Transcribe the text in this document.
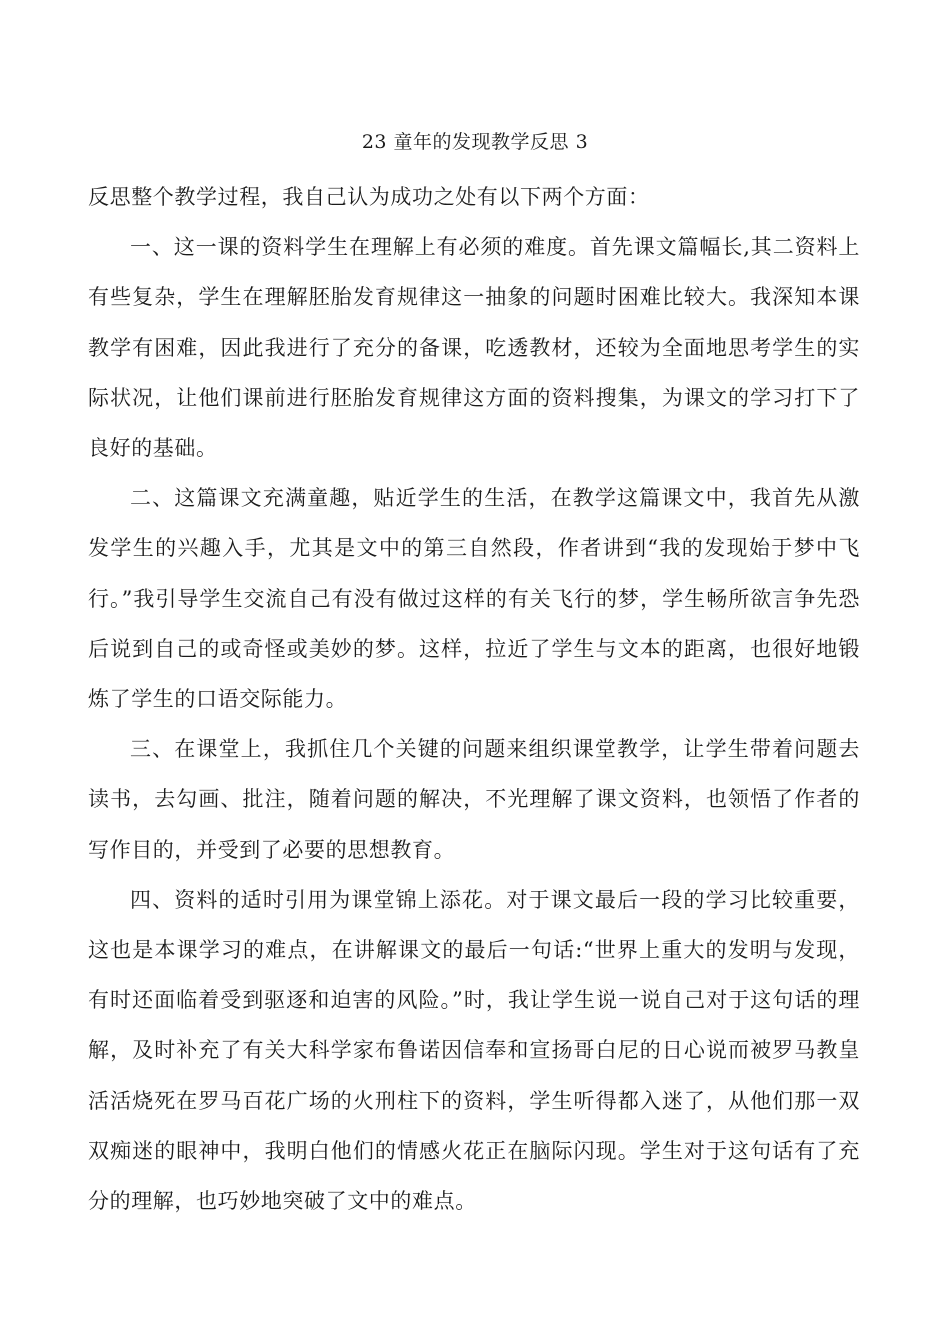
23 童年的发现教学反思 3

反思整个教学过程，我自己认为成功之处有以下两个方面：

一、这一课的资料学生在理解上有必须的难度。首先课文篇幅长,其二资料上有些复杂，学生在理解胚胎发育规律这一抽象的问题时困难比较大。我深知本课教学有困难，因此我进行了充分的备课，吃透教材，还较为全面地思考学生的实际状况，让他们课前进行胚胎发育规律这方面的资料搜集，为课文的学习打下了良好的基础。

二、这篇课文充满童趣，贴近学生的生活，在教学这篇课文中，我首先从激发学生的兴趣入手，尤其是文中的第三自然段，作者讲到“我的发现始于梦中飞行。”我引导学生交流自己有没有做过这样的有关飞行的梦，学生畅所欲言争先恐后说到自己的或奇怪或美妙的梦。这样，拉近了学生与文本的距离，也很好地锻炼了学生的口语交际能力。

三、在课堂上，我抓住几个关键的问题来组织课堂教学，让学生带着问题去读书，去勾画、批注，随着问题的解决，不光理解了课文资料，也领悟了作者的写作目的，并受到了必要的思想教育。

四、资料的适时引用为课堂锦上添花。对于课文最后一段的学习比较重要，这也是本课学习的难点，在讲解课文的最后一句话:“世界上重大的发明与发现，有时还面临着受到驱逐和迫害的风险。”时，我让学生说一说自己对于这句话的理解，及时补充了有关大科学家布鲁诺因信奉和宣扬哥白尼的日心说而被罗马教皇活活烧死在罗马百花广场的火刑柱下的资料，学生听得都入迷了，从他们那一双双痴迷的眼神中，我明白他们的情感火花正在脑际闪现。学生对于这句话有了充分的理解，也巧妙地突破了文中的难点。
